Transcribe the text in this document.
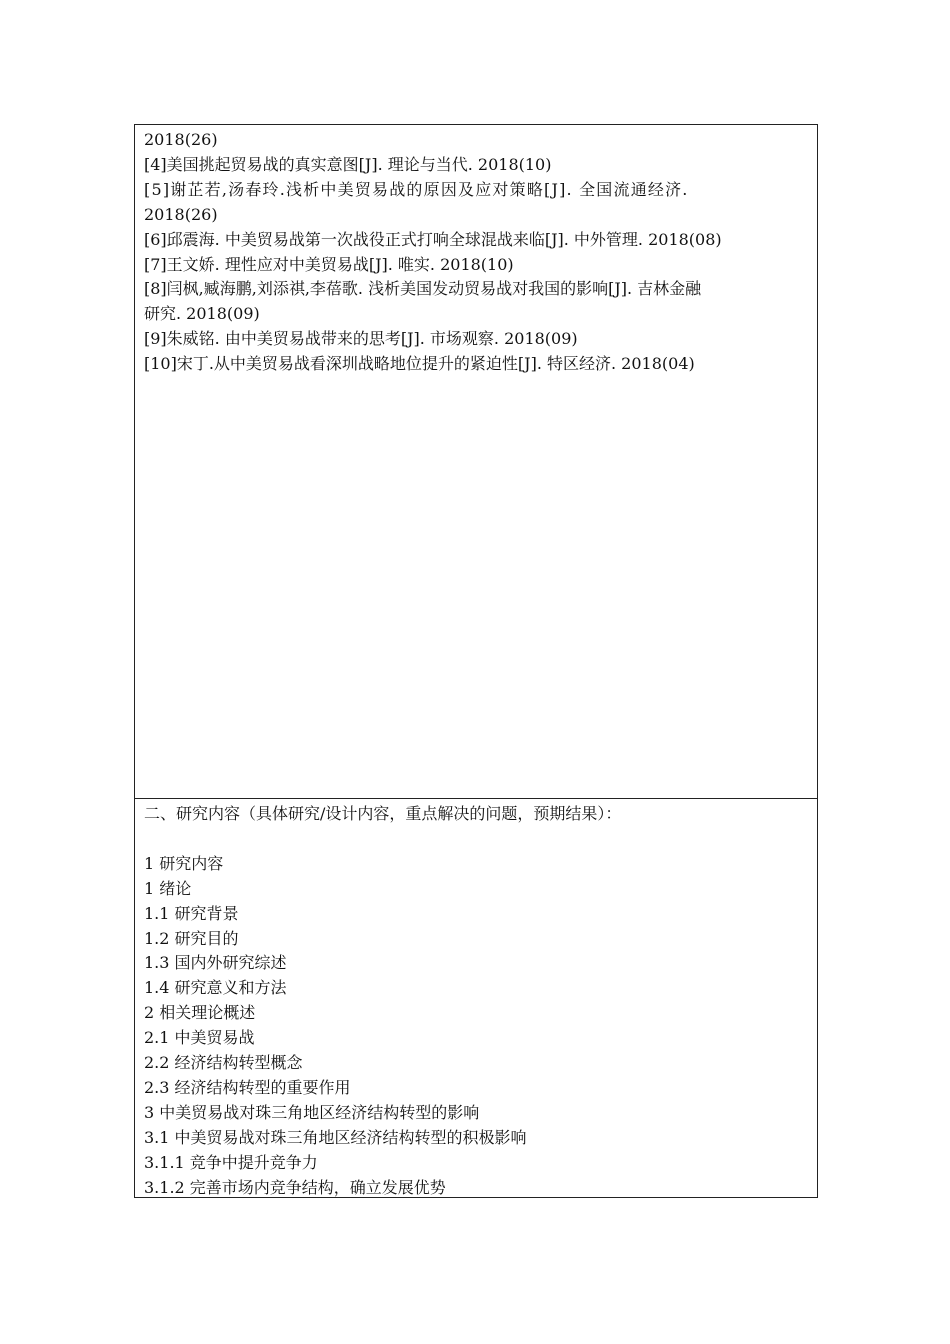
2018(26)
[4]美国挑起贸易战的真实意图[J]. 理论与当代. 2018(10)
[5]谢芷若,汤春玲.浅析中美贸易战的原因及应对策略[J]. 全国流通经济.
2018(26)
[6]邱震海. 中美贸易战第一次战役正式打响全球混战来临[J]. 中外管理. 2018(08)
[7]王文娇. 理性应对中美贸易战[J]. 唯实. 2018(10)
[8]闫枫,臧海鹏,刘添祺,李蓓歌. 浅析美国发动贸易战对我国的影响[J]. 吉林金融
研究. 2018(09)
[9]朱威铭. 由中美贸易战带来的思考[J]. 市场观察. 2018(09)
[10]宋丁.从中美贸易战看深圳战略地位提升的紧迫性[J]. 特区经济. 2018(04)
二、研究内容（具体研究/设计内容，重点解决的问题，预期结果）：
1 研究内容
1 绪论
1.1 研究背景
1.2 研究目的
1.3 国内外研究综述
1.4 研究意义和方法
2 相关理论概述
2.1 中美贸易战
2.2 经济结构转型概念
2.3 经济结构转型的重要作用
3 中美贸易战对珠三角地区经济结构转型的影响
3.1 中美贸易战对珠三角地区经济结构转型的积极影响
3.1.1 竞争中提升竞争力
3.1.2 完善市场内竞争结构，确立发展优势
